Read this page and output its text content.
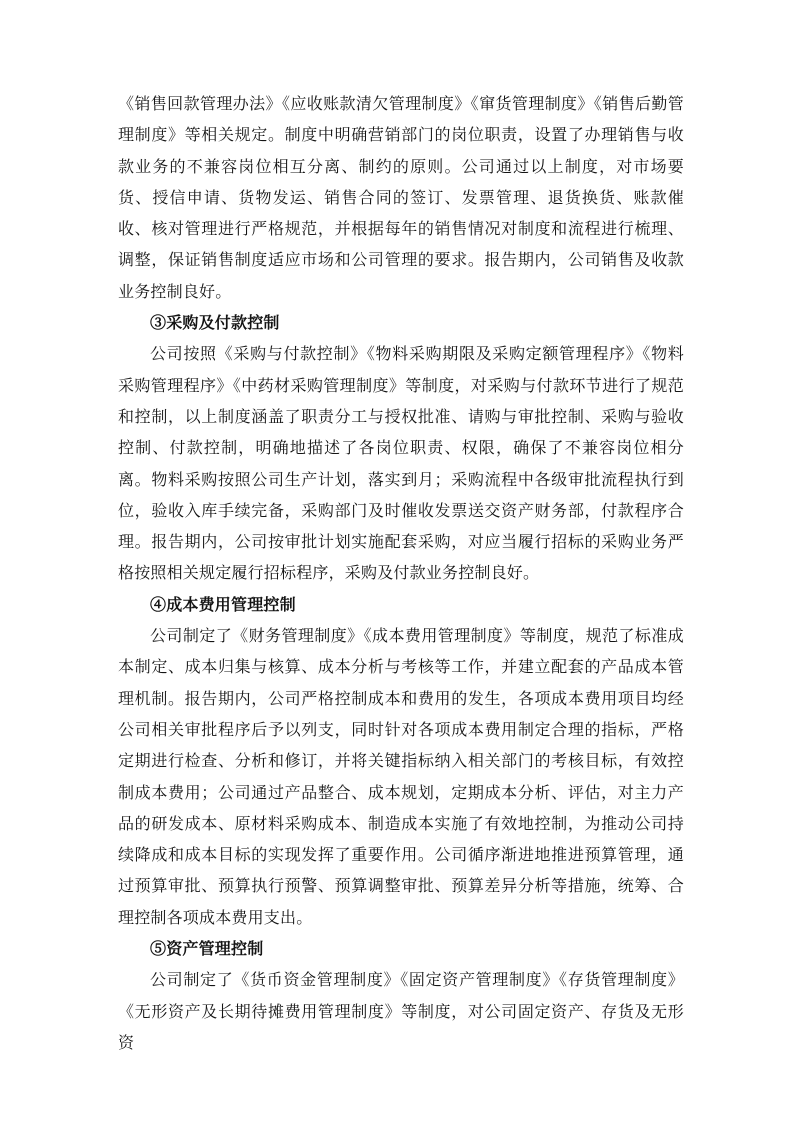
《销售回款管理办法》《应收账款清欠管理制度》《窜货管理制度》《销售后勤管理制度》等相关规定。制度中明确营销部门的岗位职责，设置了办理销售与收款业务的不兼容岗位相互分离、制约的原则。公司通过以上制度，对市场要货、授信申请、货物发运、销售合同的签订、发票管理、退货换货、账款催收、核对管理进行严格规范，并根据每年的销售情况对制度和流程进行梳理、调整，保证销售制度适应市场和公司管理的要求。报告期内，公司销售及收款业务控制良好。

③采购及付款控制

公司按照《采购与付款控制》《物料采购期限及采购定额管理程序》《物料采购管理程序》《中药材采购管理制度》等制度，对采购与付款环节进行了规范和控制，以上制度涵盖了职责分工与授权批准、请购与审批控制、采购与验收控制、付款控制，明确地描述了各岗位职责、权限，确保了不兼容岗位相分离。物料采购按照公司生产计划，落实到月；采购流程中各级审批流程执行到位，验收入库手续完备，采购部门及时催收发票送交资产财务部，付款程序合理。报告期内，公司按审批计划实施配套采购，对应当履行招标的采购业务严格按照相关规定履行招标程序，采购及付款业务控制良好。

④成本费用管理控制

公司制定了《财务管理制度》《成本费用管理制度》等制度，规范了标准成本制定、成本归集与核算、成本分析与考核等工作，并建立配套的产品成本管理机制。报告期内，公司严格控制成本和费用的发生，各项成本费用项目均经公司相关审批程序后予以列支，同时针对各项成本费用制定合理的指标，严格定期进行检查、分析和修订，并将关键指标纳入相关部门的考核目标，有效控制成本费用；公司通过产品整合、成本规划，定期成本分析、评估，对主力产品的研发成本、原材料采购成本、制造成本实施了有效地控制，为推动公司持续降成和成本目标的实现发挥了重要作用。公司循序渐进地推进预算管理，通过预算审批、预算执行预警、预算调整审批、预算差异分析等措施，统筹、合理控制各项成本费用支出。

⑤资产管理控制

公司制定了《货币资金管理制度》《固定资产管理制度》《存货管理制度》《无形资产及长期待摊费用管理制度》等制度，对公司固定资产、存货及无形资
